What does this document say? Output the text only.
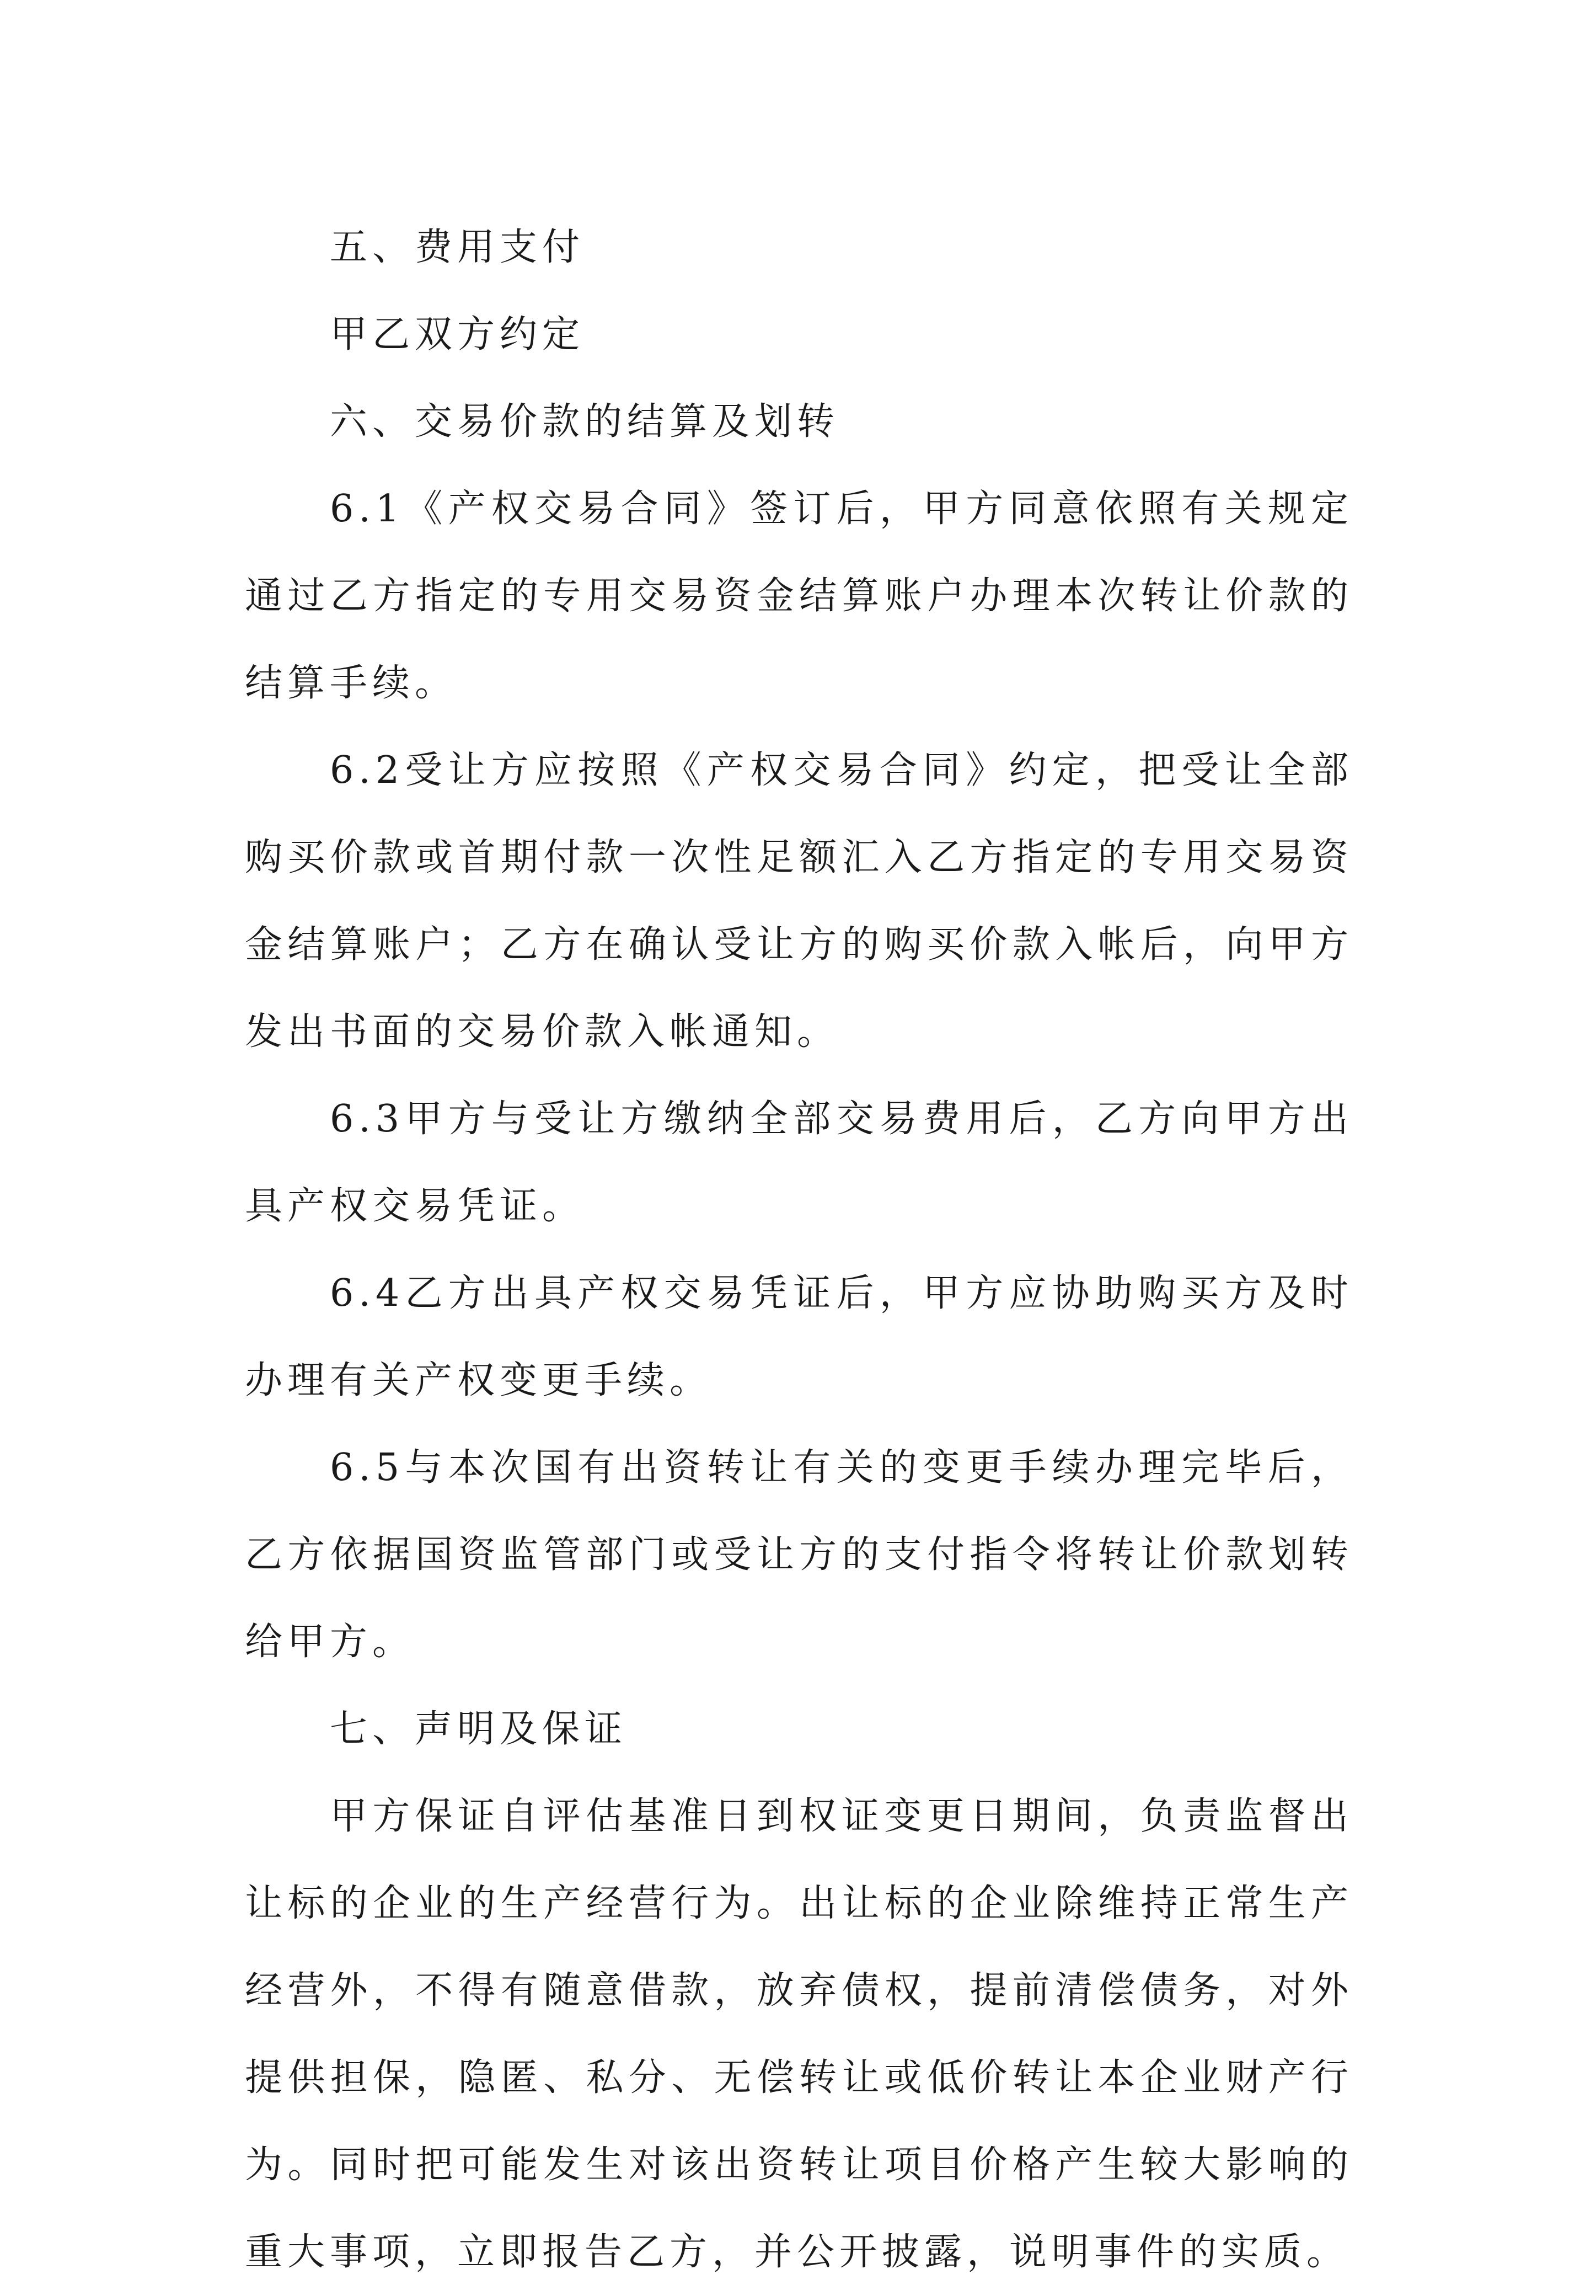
五、费用支付

甲乙双方约定

六、交易价款的结算及划转

6.1《产权交易合同》签订后，甲方同意依照有关规定通过乙方指定的专用交易资金结算账户办理本次转让价款的结算手续。

6.2受让方应按照《产权交易合同》约定，把受让全部购买价款或首期付款一次性足额汇入乙方指定的专用交易资金结算账户；乙方在确认受让方的购买价款入帐后，向甲方发出书面的交易价款入帐通知。

6.3甲方与受让方缴纳全部交易费用后，乙方向甲方出具产权交易凭证。

6.4乙方出具产权交易凭证后，甲方应协助购买方及时办理有关产权变更手续。

6.5与本次国有出资转让有关的变更手续办理完毕后，乙方依据国资监管部门或受让方的支付指令将转让价款划转给甲方。

七、声明及保证

甲方保证自评估基准日到权证变更日期间，负责监督出让标的企业的生产经营行为。出让标的企业除维持正常生产经营外，不得有随意借款，放弃债权，提前清偿债务，对外提供担保，隐匿、私分、无偿转让或低价转让本企业财产行为。同时把可能发生对该出资转让项目价格产生较大影响的重大事项，立即报告乙方，并公开披露，说明事件的实质。
